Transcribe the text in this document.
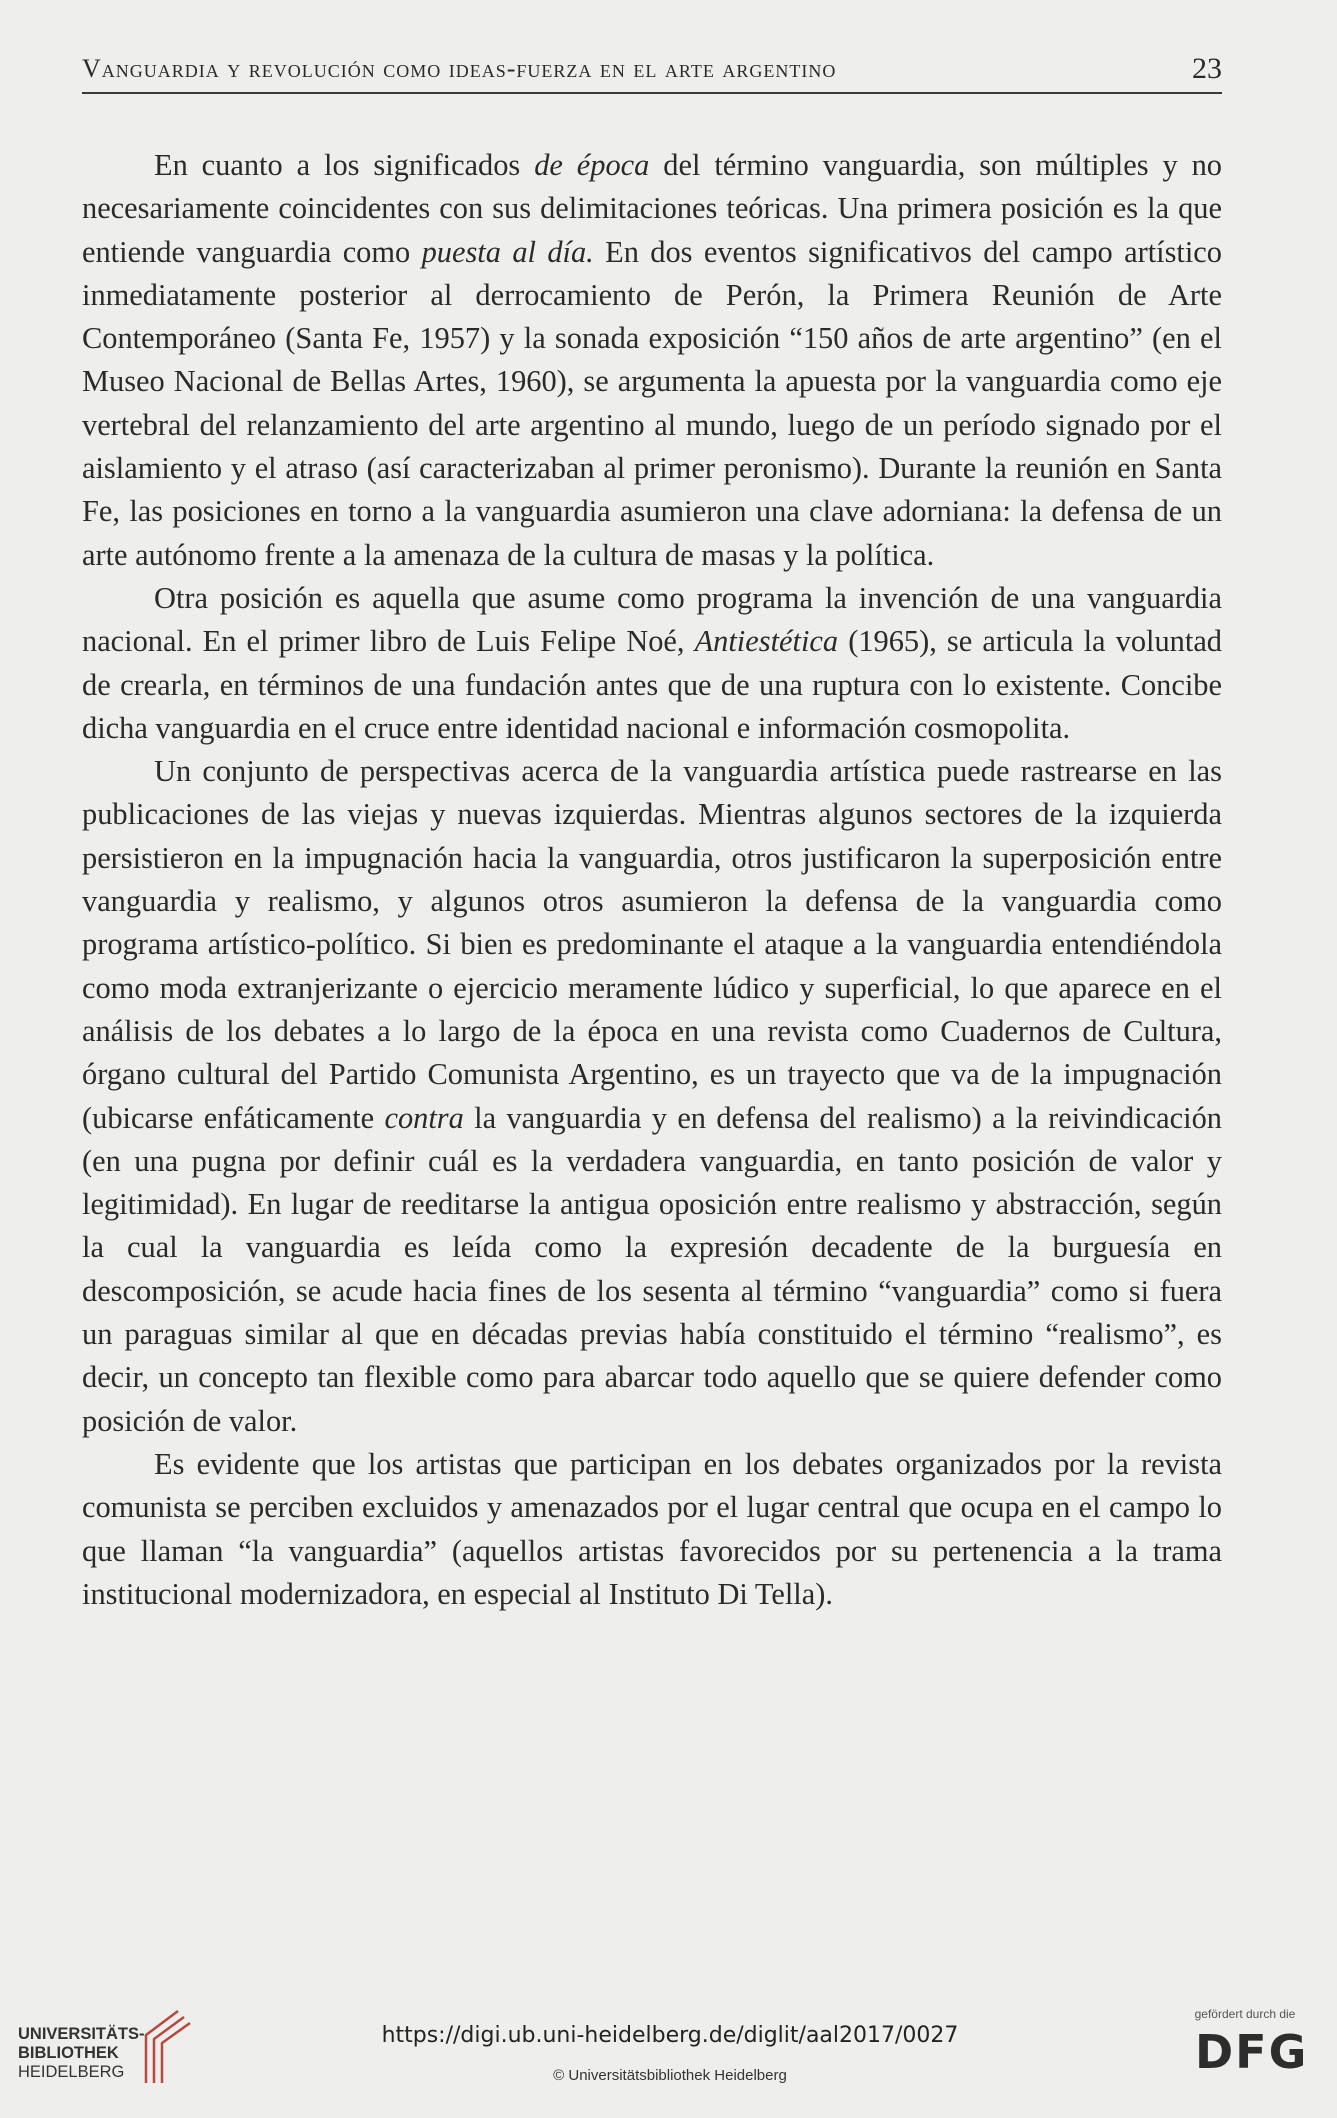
Vanguardia y revolución como ideas-fuerza en el arte argentino	23

En cuanto a los significados de época del término vanguardia, son múltiples y no necesariamente coincidentes con sus delimitaciones teóricas. Una primera posición es la que entiende vanguardia como puesta al día. En dos eventos significativos del campo artístico inmediatamente posterior al derrocamiento de Perón, la Primera Reunión de Arte Contemporáneo (Santa Fe, 1957) y la sonada exposición “150 años de arte argentino” (en el Museo Nacional de Bellas Artes, 1960), se argumenta la apuesta por la vanguardia como eje vertebral del relanzamiento del arte argentino al mundo, luego de un período signado por el aislamiento y el atraso (así caracterizaban al primer peronismo). Durante la reunión en Santa Fe, las posiciones en torno a la vanguardia asumieron una clave adorniana: la defensa de un arte autónomo frente a la amenaza de la cultura de masas y la política.

Otra posición es aquella que asume como programa la invención de una vanguardia nacional. En el primer libro de Luis Felipe Noé, Antiestética (1965), se articula la voluntad de crearla, en términos de una fundación antes que de una ruptura con lo existente. Concibe dicha vanguardia en el cruce entre identidad nacional e información cosmopolita.

Un conjunto de perspectivas acerca de la vanguardia artística puede rastrearse en las publicaciones de las viejas y nuevas izquierdas. Mientras algunos sectores de la izquierda persistieron en la impugnación hacia la vanguardia, otros justificaron la superposición entre vanguardia y realismo, y algunos otros asumieron la defensa de la vanguardia como programa artístico-político. Si bien es predominante el ataque a la vanguardia entendiéndola como moda extranjerizante o ejercicio meramente lúdico y superficial, lo que aparece en el análisis de los debates a lo largo de la época en una revista como Cuadernos de Cultura, órgano cultural del Partido Comunista Argentino, es un trayecto que va de la impugnación (ubicarse enfáticamente contra la vanguardia y en defensa del realismo) a la reivindicación (en una pugna por definir cuál es la verdadera vanguardia, en tanto posición de valor y legitimidad). En lugar de reeditarse la antigua oposición entre realismo y abstracción, según la cual la vanguardia es leída como la expresión decadente de la burguesía en descomposición, se acude hacia fines de los sesenta al término “vanguardia” como si fuera un paraguas similar al que en décadas previas había constituido el término “realismo”, es decir, un concepto tan flexible como para abarcar todo aquello que se quiere defender como posición de valor.

Es evidente que los artistas que participan en los debates organizados por la revista comunista se perciben excluidos y amenazados por el lugar central que ocupa en el campo lo que llaman “la vanguardia” (aquellos artistas favorecidos por su pertenencia a la trama institucional modernizadora, en especial al Instituto Di Tella).

UNIVERSITÄTS-
BIBLIOTHEK
HEIDELBERG
https://digi.ub.uni-heidelberg.de/diglit/aal2017/0027
© Universitätsbibliothek Heidelberg
gefördert durch die
DFG
